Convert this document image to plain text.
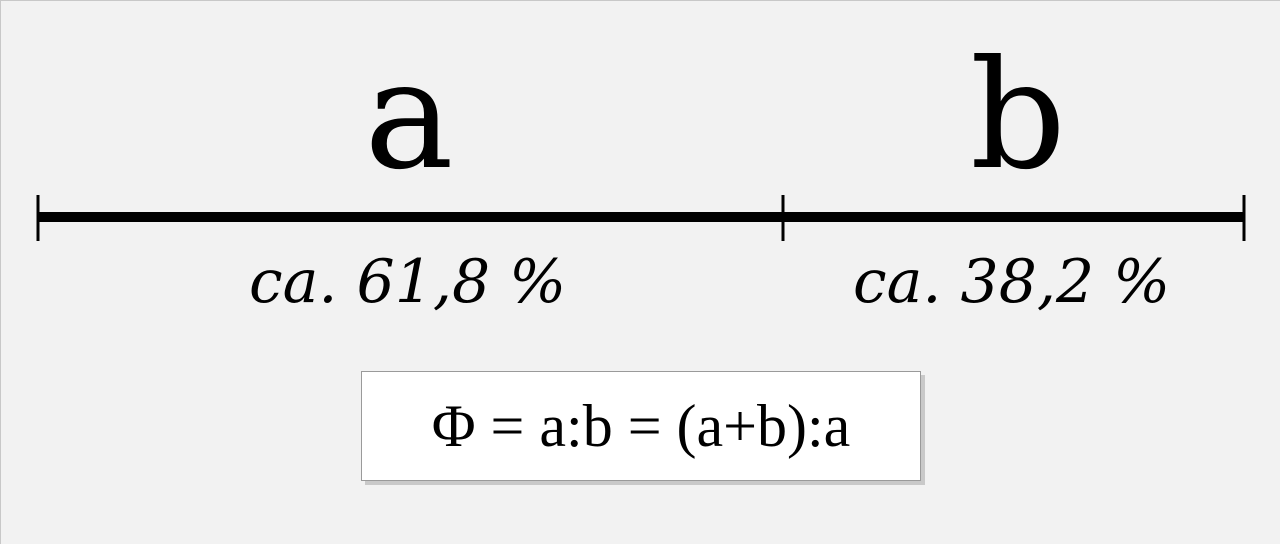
a	b
ca. 61,8 %	ca. 38,2 %
Φ = a:b = (a+b):a
